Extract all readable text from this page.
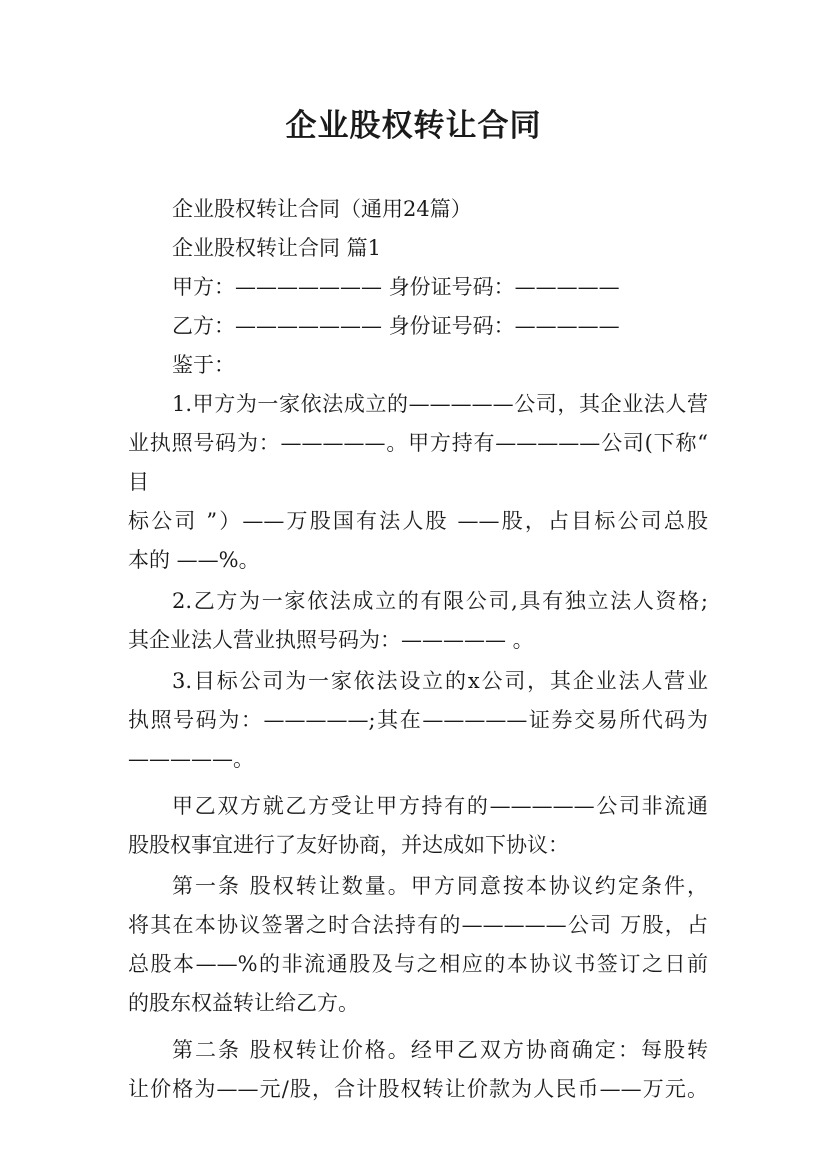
企业股权转让合同

企业股权转让合同（通用24篇）

企业股权转让合同 篇1

甲方：——————— 身份证号码：—————

乙方：——————— 身份证号码：—————

鉴于：

1.甲方为一家依法成立的—————公司，其企业法人营

业执照号码为：—————。甲方持有—————公司(下称“ 目

标公司 ”）——万股国有法人股 ——股，占目标公司总股

本的 ——%。

2.乙方为一家依法成立的有限公司,具有独立法人资格;

其企业法人营业执照号码为：————— 。

3.目标公司为一家依法设立的x公司，其企业法人营业

执照号码为：—————;其在—————证券交易所代码为

—————。

甲乙双方就乙方受让甲方持有的—————公司非流通

股股权事宜进行了友好协商，并达成如下协议：

第一条 股权转让数量。甲方同意按本协议约定条件，

将其在本协议签署之时合法持有的—————公司 万股，占

总股本——%的非流通股及与之相应的本协议书签订之日前

的股东权益转让给乙方。

第二条 股权转让价格。经甲乙双方协商确定：每股转

让价格为——元/股，合计股权转让价款为人民币——万元。
